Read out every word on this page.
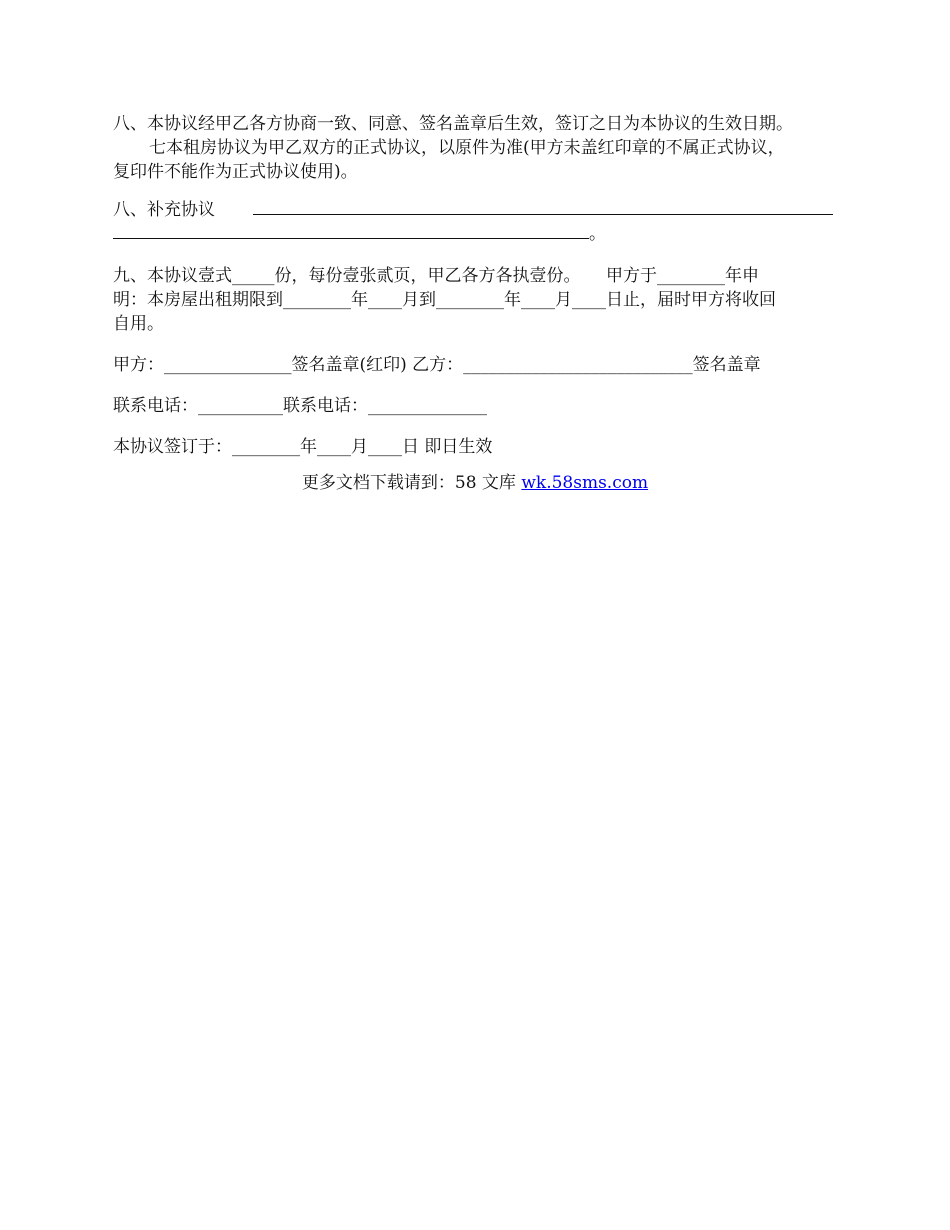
八、本协议经甲乙各方协商一致、同意、签名盖章后生效，签订之日为本协议的生效日期。
七本租房协议为甲乙双方的正式协议，以原件为准(甲方未盖红印章的不属正式协议，
复印件不能作为正式协议使用)。
八、补充协议
。
九、本协议壹式_____份，每份壹张贰页，甲乙各方各执壹份。　　甲方于________年申
明：本房屋出租期限到________年____月到________年____月____日止，届时甲方将收回
自用。
甲方：_______________签名盖章(红印) 乙方：___________________________签名盖章
联系电话：__________联系电话：______________
本协议签订于：________年____月____日 即日生效
更多文档下载请到：58 文库 wk.58sms.com
